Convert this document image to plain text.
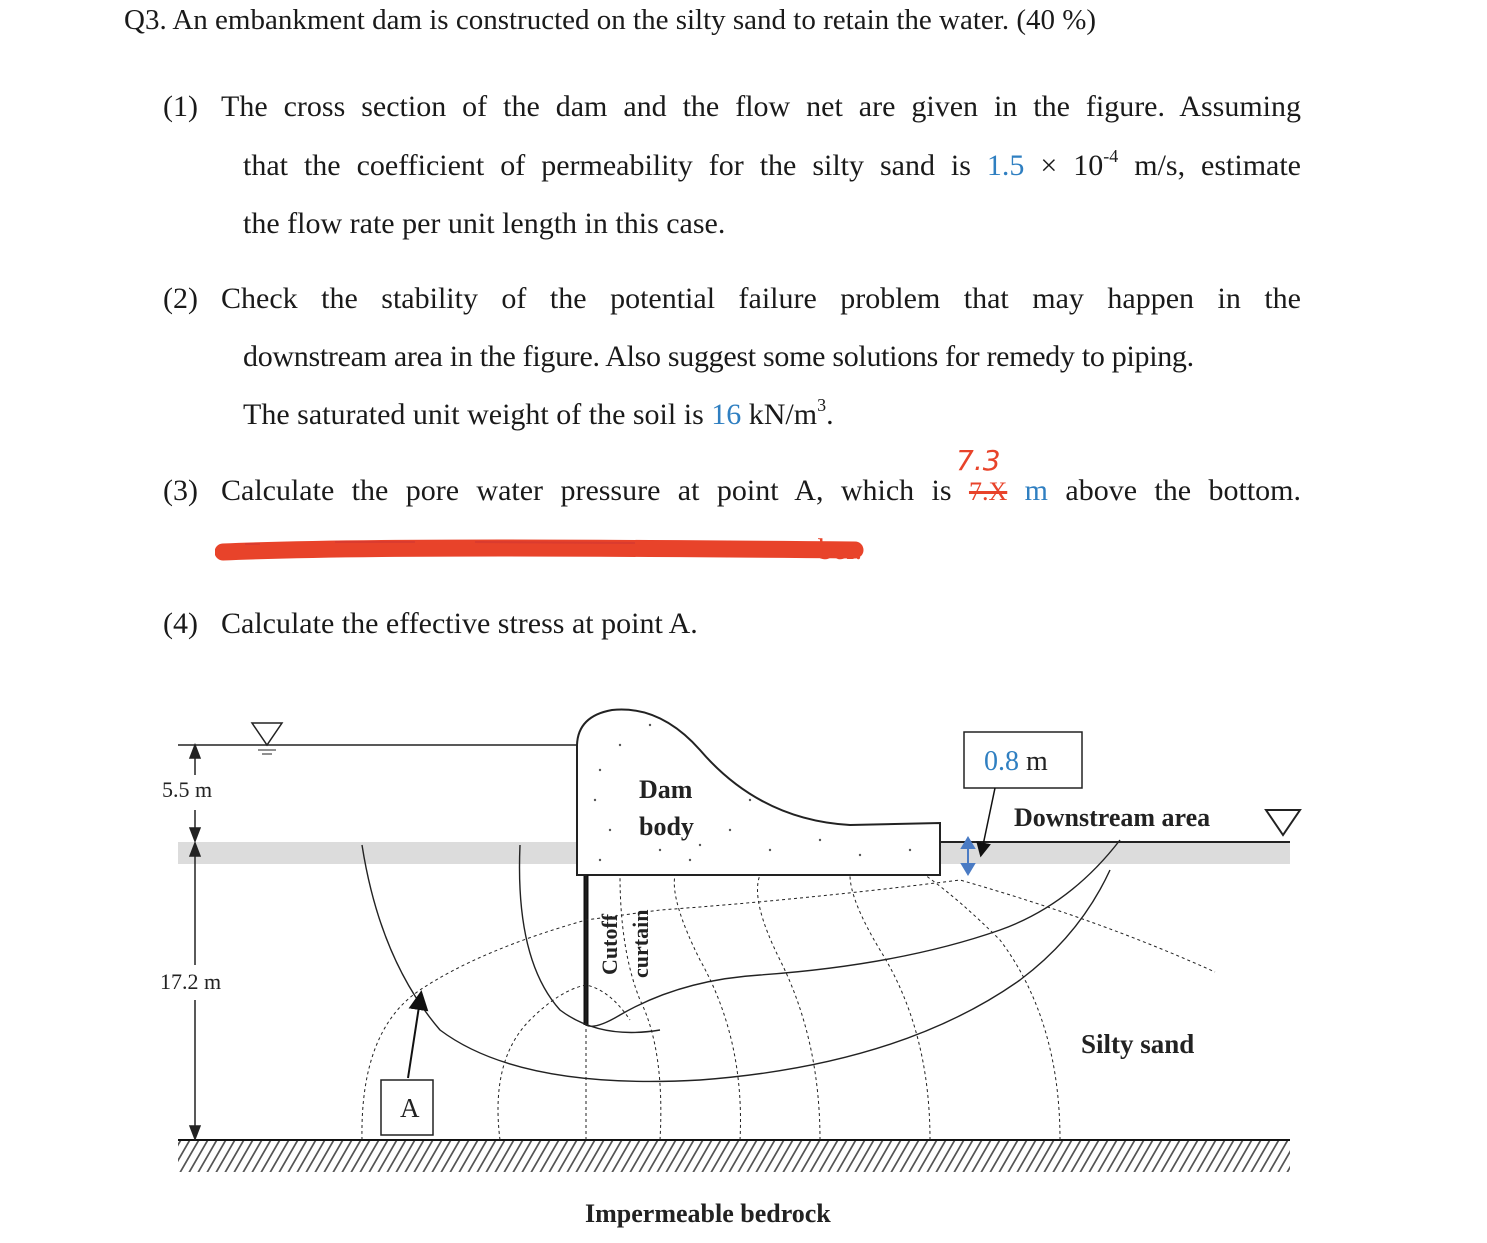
Q3. An embankment dam is constructed on the silty sand to retain the water. (40 %)
(1) The cross section of the dam and the flow net are given in the figure. Assuming
that the coefficient of permeability for the silty sand is $1.5 \times 10^{-4}$ m/s, estimate
the flow rate per unit length in this case.
(2) Check the stability of the potential failure problem that may happen in the
downstream area in the figure. Also suggest some solutions for remedy to piping.
The saturated unit weight of the soil is 16 $kN/m^3$.
7.3
(3) Calculate the pore water pressure at point A, which is 7.X m above the bottom.
ber.
(4) Calculate the effective stress at point A.
5.5 m
17.2 m
Dam
body
Cutoff curtain
0.8 m
Downstream area
Silty sand
A
Impermeable bedrock
